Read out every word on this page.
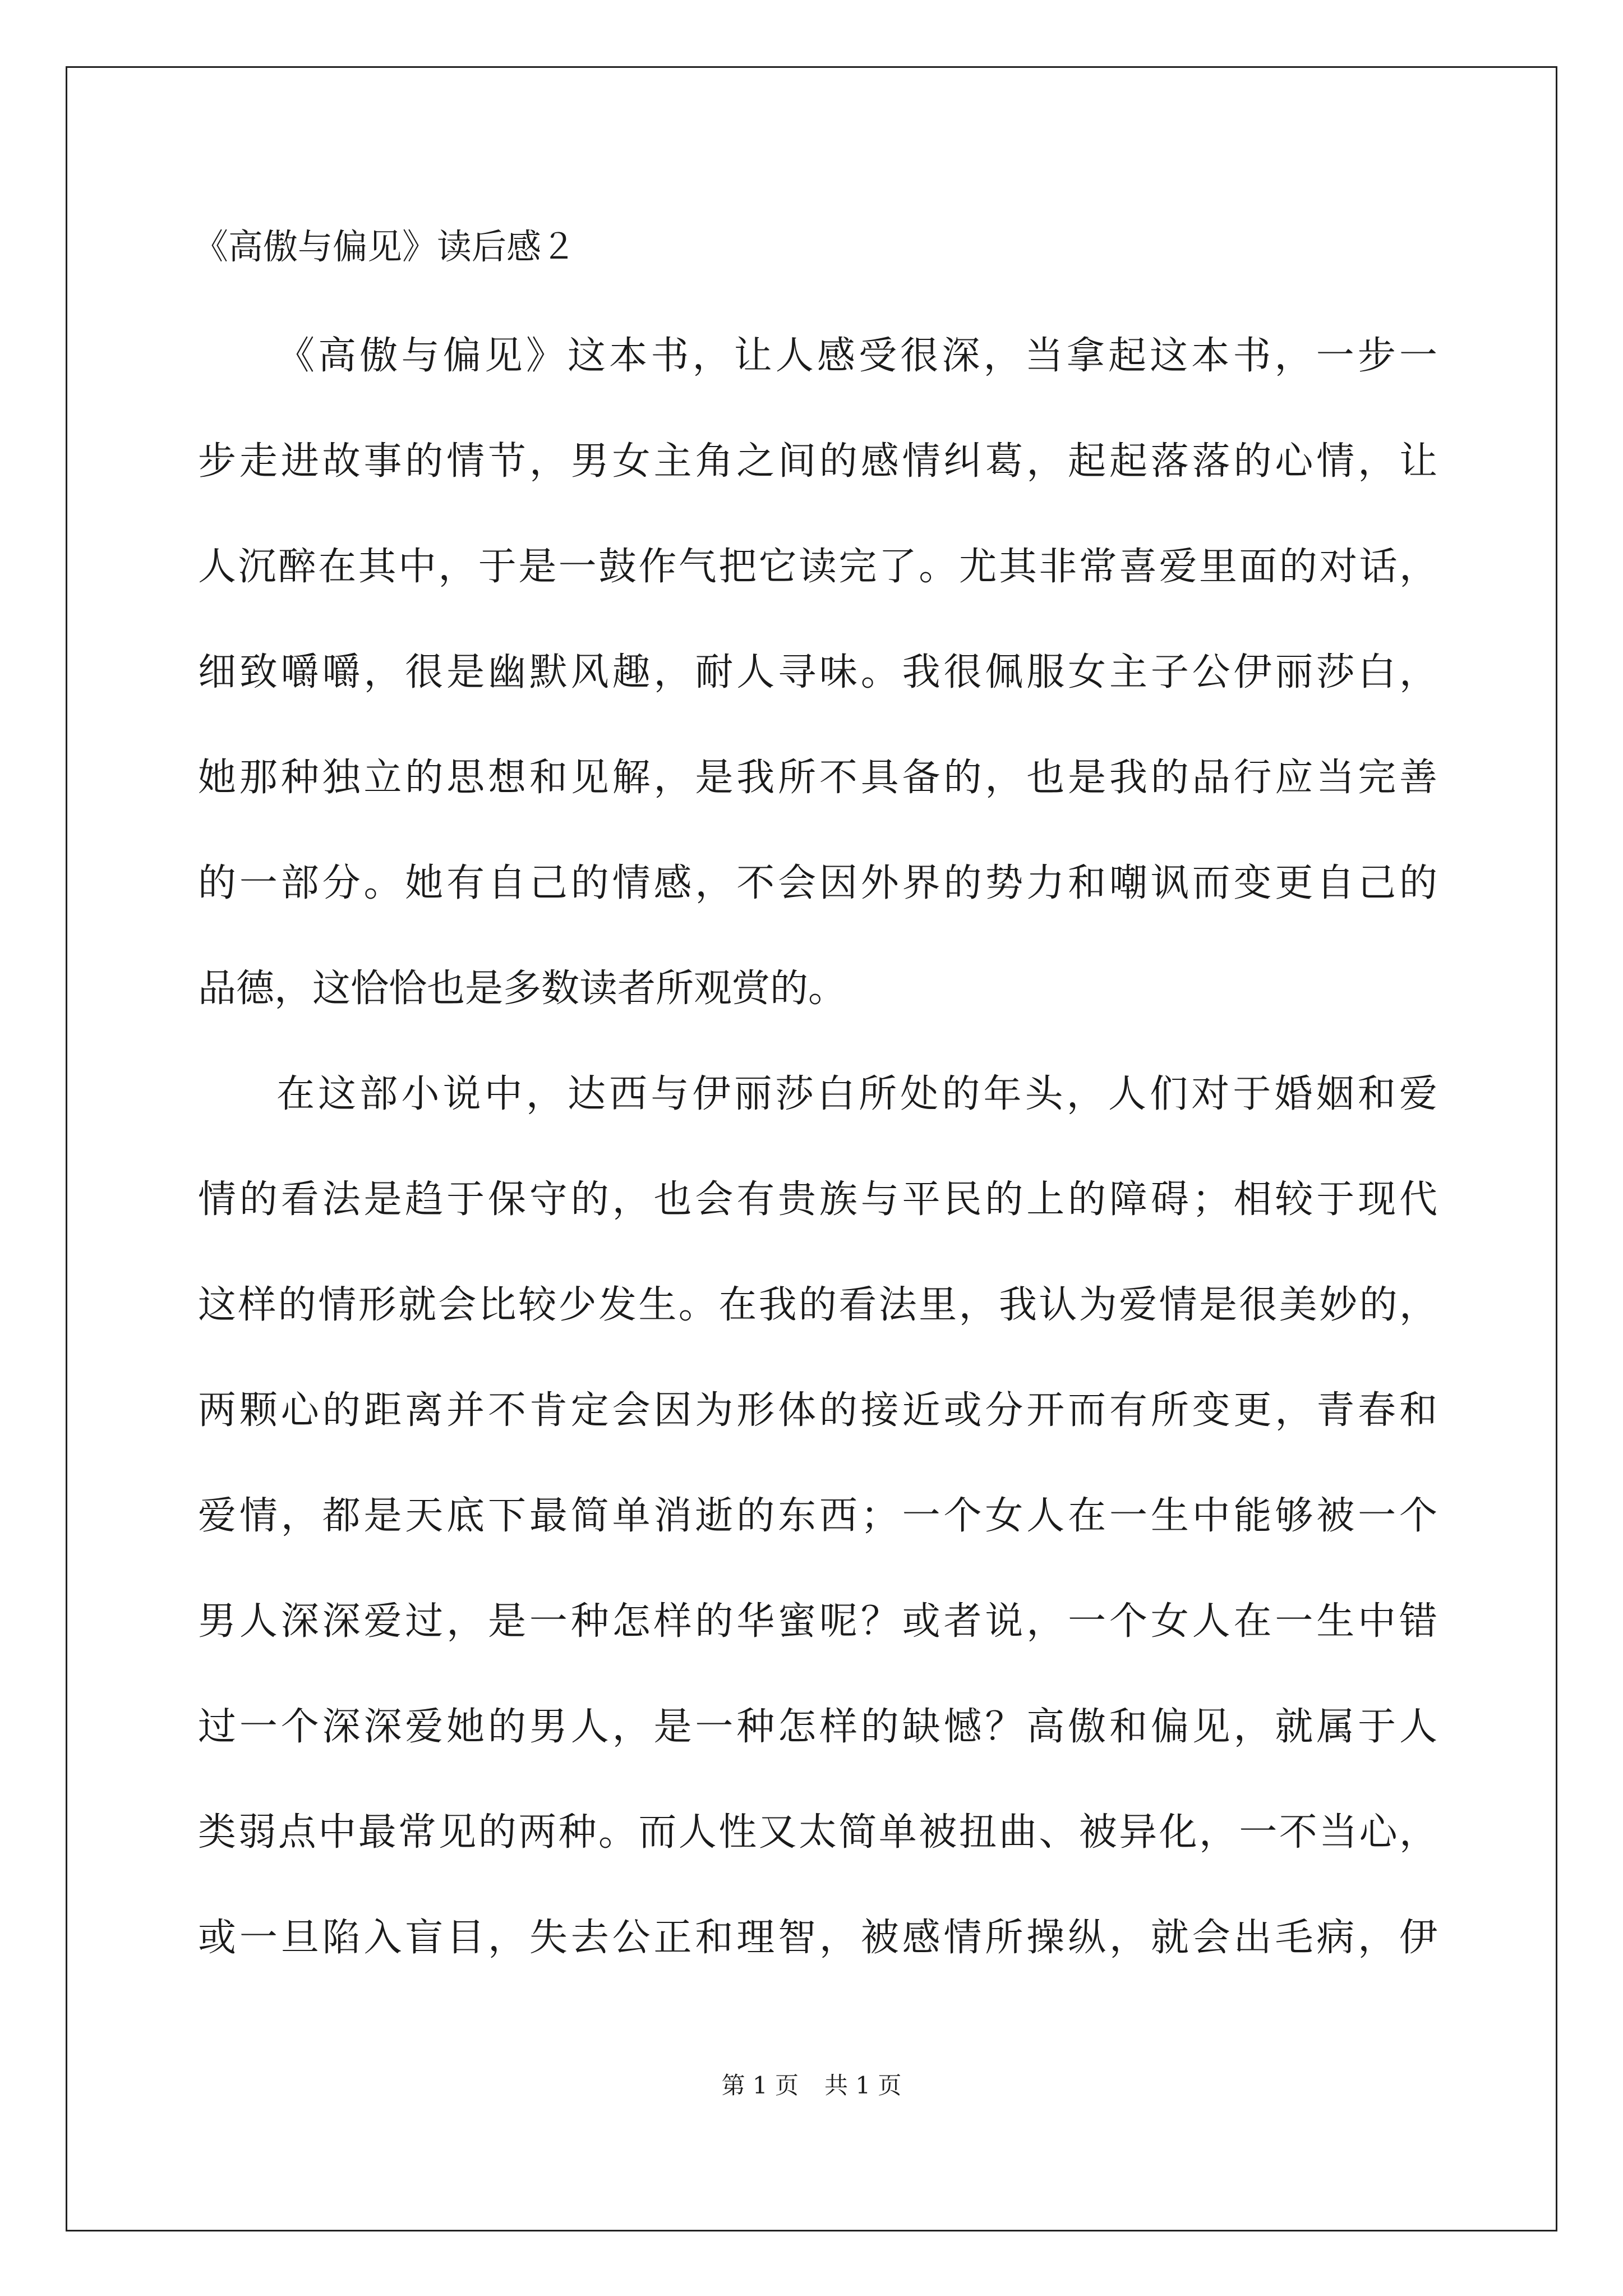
《高傲与偏见》读后感２
《高傲与偏见》这本书，让人感受很深，当拿起这本书，一步一
步走进故事的情节，男女主角之间的感情纠葛，起起落落的心情，让
人沉醉在其中，于是一鼓作气把它读完了。尤其非常喜爱里面的对话，
细致嚼嚼，很是幽默风趣，耐人寻味。我很佩服女主子公伊丽莎白，
她那种独立的思想和见解，是我所不具备的，也是我的品行应当完善
的一部分。她有自己的情感，不会因外界的势力和嘲讽而变更自己的
品德，这恰恰也是多数读者所观赏的。
在这部小说中，达西与伊丽莎白所处的年头，人们对于婚姻和爱
情的看法是趋于保守的，也会有贵族与平民的上的障碍；相较于现代
这样的情形就会比较少发生。在我的看法里，我认为爱情是很美妙的，
两颗心的距离并不肯定会因为形体的接近或分开而有所变更，青春和
爱情，都是天底下最简单消逝的东西；一个女人在一生中能够被一个
男人深深爱过，是一种怎样的华蜜呢？或者说，一个女人在一生中错
过一个深深爱她的男人，是一种怎样的缺憾？高傲和偏见，就属于人
类弱点中最常见的两种。而人性又太简单被扭曲、被异化，一不当心，
或一旦陷入盲目，失去公正和理智，被感情所操纵，就会出毛病，伊
第 1 页 共 1 页
